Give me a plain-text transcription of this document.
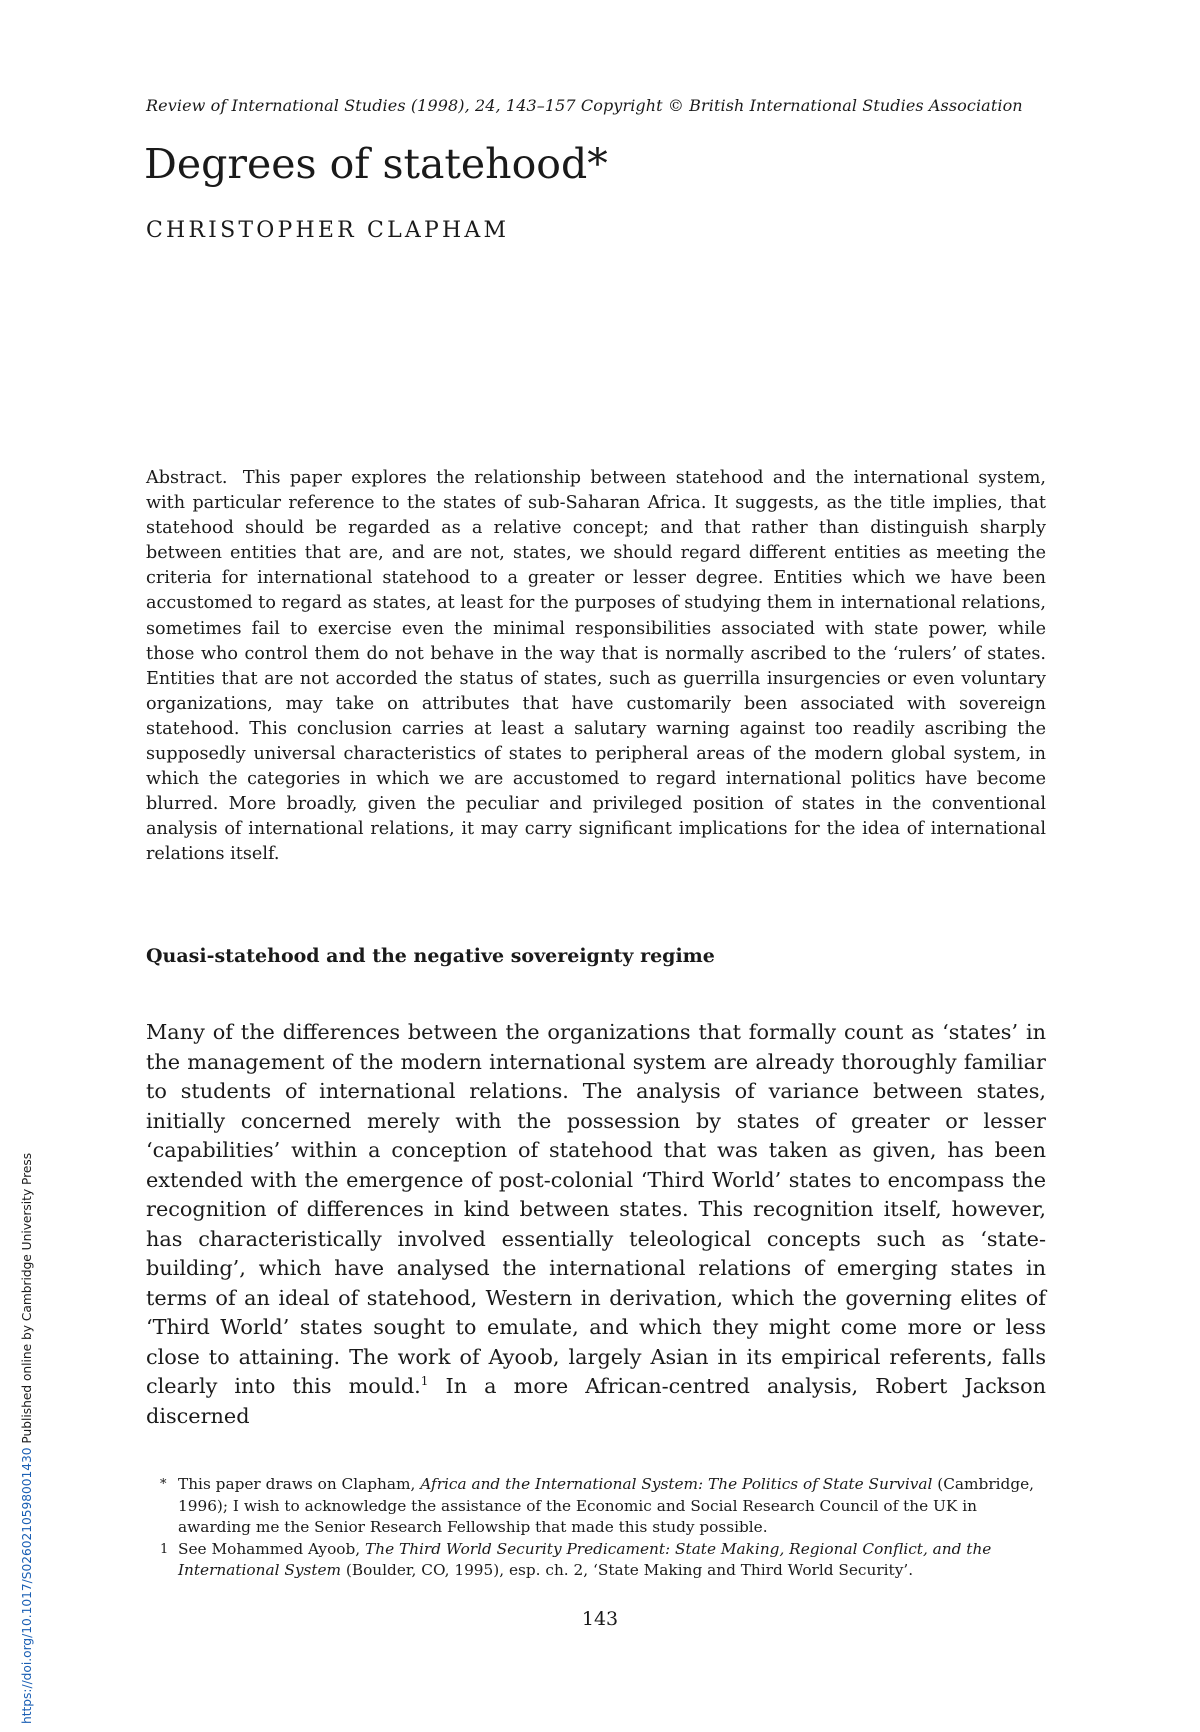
Review of International Studies (1998), 24, 143–157 Copyright © British International Studies Association
Degrees of statehood*
CHRISTOPHER CLAPHAM
Abstract. This paper explores the relationship between statehood and the international system, with particular reference to the states of sub-Saharan Africa. It suggests, as the title implies, that statehood should be regarded as a relative concept; and that rather than distinguish sharply between entities that are, and are not, states, we should regard different entities as meeting the criteria for international statehood to a greater or lesser degree. Entities which we have been accustomed to regard as states, at least for the purposes of studying them in international relations, sometimes fail to exercise even the minimal responsibilities associated with state power, while those who control them do not behave in the way that is normally ascribed to the ‘rulers’ of states. Entities that are not accorded the status of states, such as guerrilla insurgencies or even voluntary organizations, may take on attributes that have customarily been associated with sovereign statehood. This conclusion carries at least a salutary warning against too readily ascribing the supposedly universal characteristics of states to peripheral areas of the modern global system, in which the categories in which we are accustomed to regard international politics have become blurred. More broadly, given the peculiar and privileged position of states in the conventional analysis of international relations, it may carry significant implications for the idea of international relations itself.
Quasi-statehood and the negative sovereignty regime
Many of the differences between the organizations that formally count as ‘states’ in the management of the modern international system are already thoroughly familiar to students of international relations. The analysis of variance between states, initially concerned merely with the possession by states of greater or lesser ‘capabilities’ within a conception of statehood that was taken as given, has been extended with the emergence of post-colonial ‘Third World’ states to encompass the recognition of differences in kind between states. This recognition itself, however, has characteristically involved essentially teleological concepts such as ‘state-building’, which have analysed the international relations of emerging states in terms of an ideal of statehood, Western in derivation, which the governing elites of ‘Third World’ states sought to emulate, and which they might come more or less close to attaining. The work of Ayoob, largely Asian in its empirical referents, falls clearly into this mould.$^1$ In a more African-centred analysis, Robert Jackson discerned
* This paper draws on Clapham, Africa and the International System: The Politics of State Survival (Cambridge, 1996); I wish to acknowledge the assistance of the Economic and Social Research Council of the UK in awarding me the Senior Research Fellowship that made this study possible.
1 See Mohammed Ayoob, The Third World Security Predicament: State Making, Regional Conflict, and the International System (Boulder, CO, 1995), esp. ch. 2, ‘State Making and Third World Security’.
143
https://doi.org/10.1017/S0260210598001430 Published online by Cambridge University Press
